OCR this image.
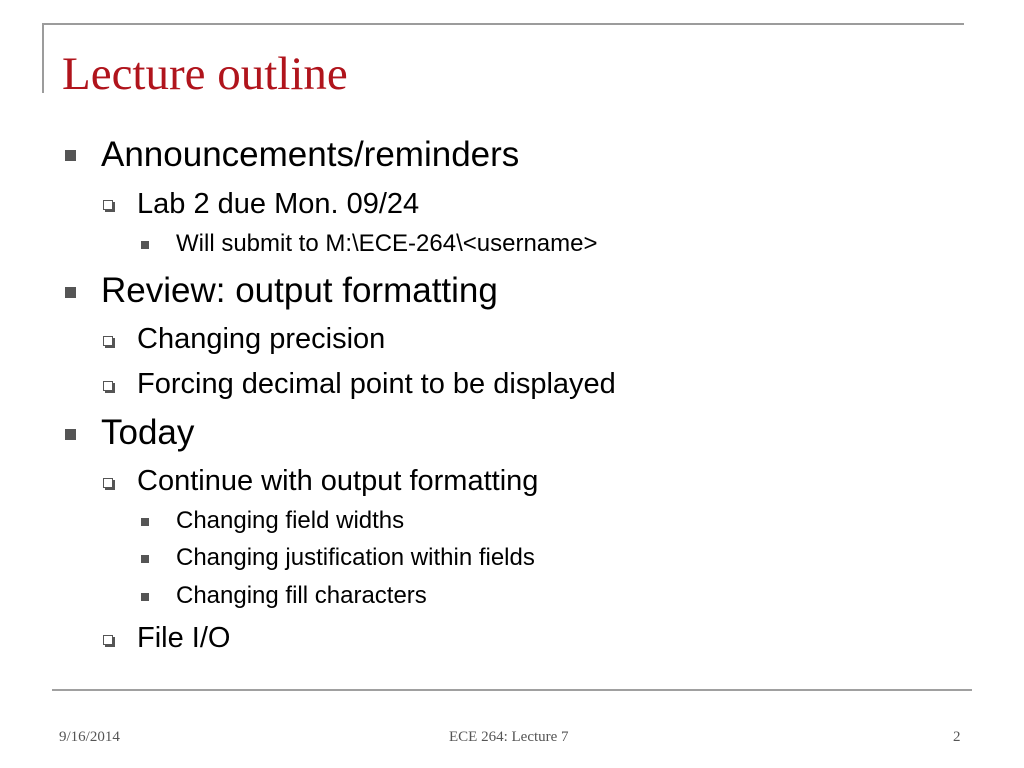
Lecture outline
Announcements/reminders
Lab 2 due Mon. 09/24
Will submit to M:\ECE-264\<username>
Review: output formatting
Changing precision
Forcing decimal point to be displayed
Today
Continue with output formatting
Changing field widths
Changing justification within fields
Changing fill characters
File I/O
9/16/2014	ECE 264: Lecture 7	2
